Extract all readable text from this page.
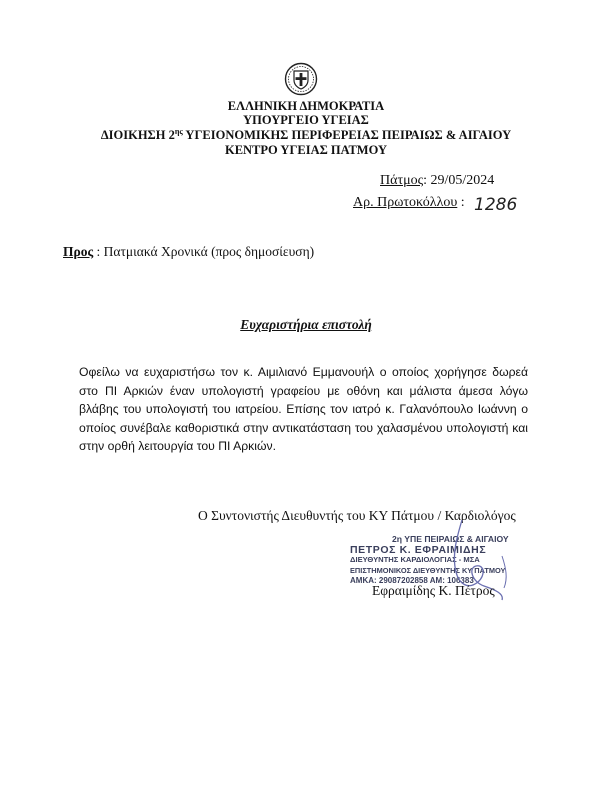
ΕΛΛΗΝΙΚΗ ΔΗΜΟΚΡΑΤΙΑ
ΥΠΟΥΡΓΕΙΟ ΥΓΕΙΑΣ
ΔΙΟΙΚΗΣΗ $2^{\eta\varsigma}$ ΥΓΕΙΟΝΟΜΙΚΗΣ ΠΕΡΙΦΕΡΕΙΑΣ ΠΕΙΡΑΙΩΣ & ΑΙΓΑΙΟΥ
ΚΕΝΤΡΟ ΥΓΕΙΑΣ ΠΑΤΜΟΥ
Πάτμος: 29/05/2024
Αρ. Πρωτοκόλλου : 1286
Προς : Πατμιακά Χρονικά (προς δημοσίευση)
Ευχαριστήρια επιστολή
Οφείλω να ευχαριστήσω τον κ. Αιμιλιανό Εμμανουήλ ο οποίος χορήγησε δωρεά στο ΠΙ Αρκιών έναν υπολογιστή γραφείου με οθόνη και μάλιστα άμεσα λόγω βλάβης του υπολογιστή του ιατρείου. Επίσης τον ιατρό κ. Γαλανόπουλο Ιωάννη ο οποίος συνέβαλε καθοριστικά στην αντικατάσταση του χαλασμένου υπολογιστή και στην ορθή λειτουργία του ΠΙ Αρκιών.
Ο Συντονιστής Διευθυντής του ΚΥ Πάτμου / Καρδιολόγος
2η ΥΠΕ ΠΕΙΡΑΙΩΣ & ΑΙΓΑΙΟΥ
ΠΕΤΡΟΣ Κ. ΕΦΡΑΙΜΙΔΗΣ
ΔΙΕΥΘΥΝΤΗΣ ΚΑΡΔΙΟΛΟΓΙΑΣ - ΜΣΑ
ΕΠΙΣΤΗΜΟΝΙΚΟΣ ΔΙΕΥΘΥΝΤΗΣ ΚΥ ΠΑΤΜΟΥ
ΑΜΚΑ: 29087202858 ΑΜ: 106383
Εφραιμίδης Κ. Πέτρος
